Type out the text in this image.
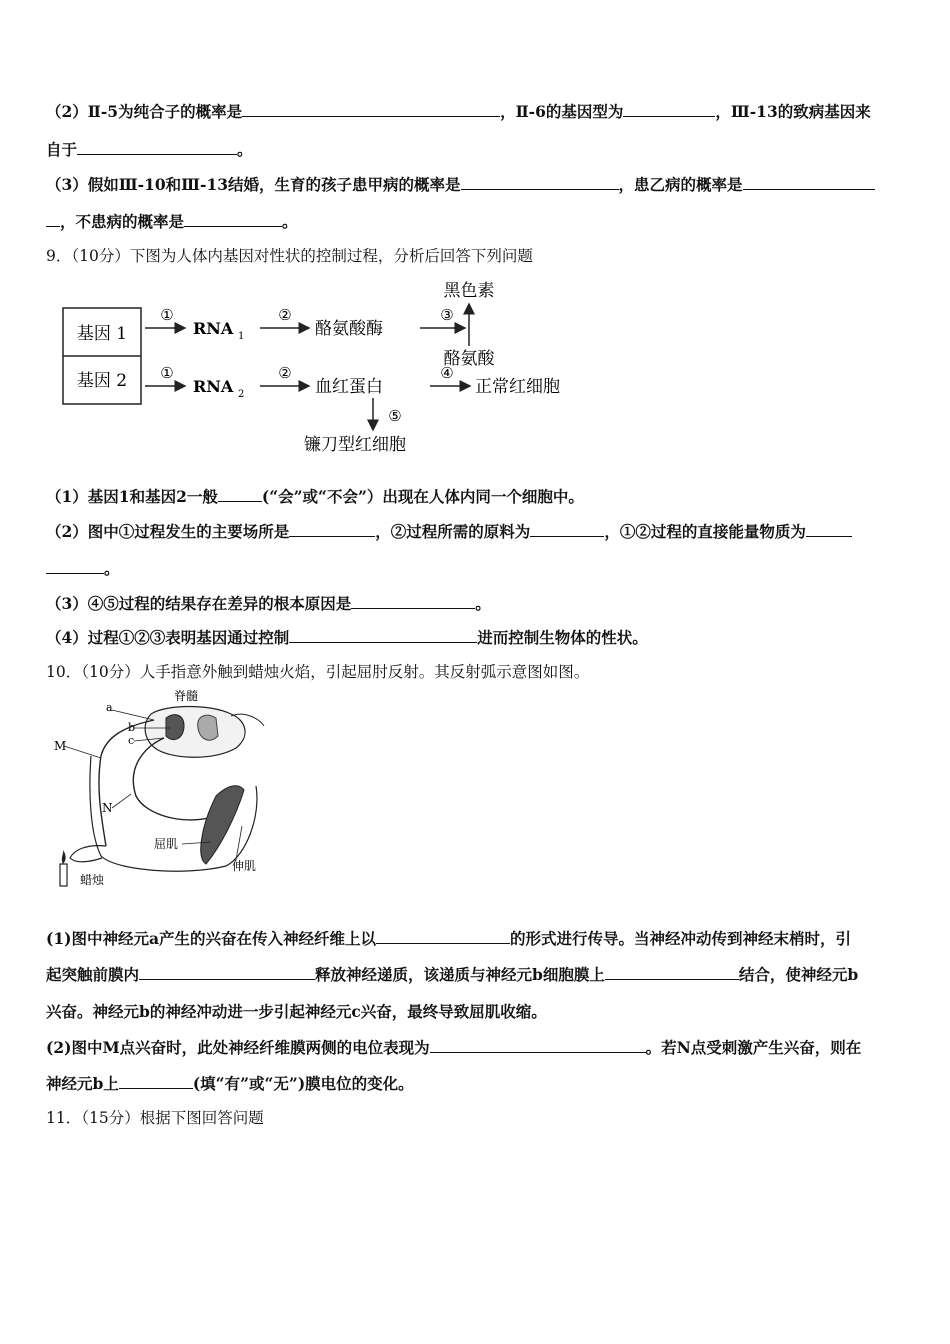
（2）Ⅱ-5为纯合子的概率是	，Ⅱ-6的基因型为	，Ⅲ-13的致病基因来
自于	。
（3）假如Ⅲ-10和Ⅲ-13结婚，生育的孩子患甲病的概率是	，患乙病的概率是
，不患病的概率是	。
9．（10分）下图为人体内基因对性状的控制过程，分析后回答下列问题
基因 1
基因 2
①
RNA 1
②
酪氨酸酶
③
黑色素
酪氨酸
①
RNA 2
②
血红蛋白
④
正常红细胞
⑤
镰刀型红细胞
（1）基因1和基因2一般	(“会”或“不会”）出现在人体内同一个细胞中。
（2）图中①过程发生的主要场所是	，②过程所需的原料为	，①②过程的直接能量物质为
。
（3）④⑤过程的结果存在差异的根本原因是	。
（4）过程①②③表明基因通过控制	进而控制生物体的性状。
10．（10分）人手指意外触到蜡烛火焰，引起屈肘反射。其反射弧示意图如图。
脊髓
a
b
c
M
N
屈肌
伸肌
蜡烛
(1)图中神经元a产生的兴奋在传入神经纤维上以	的形式进行传导。当神经冲动传到神经末梢时，引
起突触前膜内	释放神经递质，该递质与神经元b细胞膜上	结合，使神经元b
兴奋。神经元b的神经冲动进一步引起神经元c兴奋，最终导致屈肌收缩。
(2)图中M点兴奋时，此处神经纤维膜两侧的电位表现为	。若N点受刺激产生兴奋，则在
神经元b上	(填“有”或“无”)膜电位的变化。
11．（15分）根据下图回答问题
